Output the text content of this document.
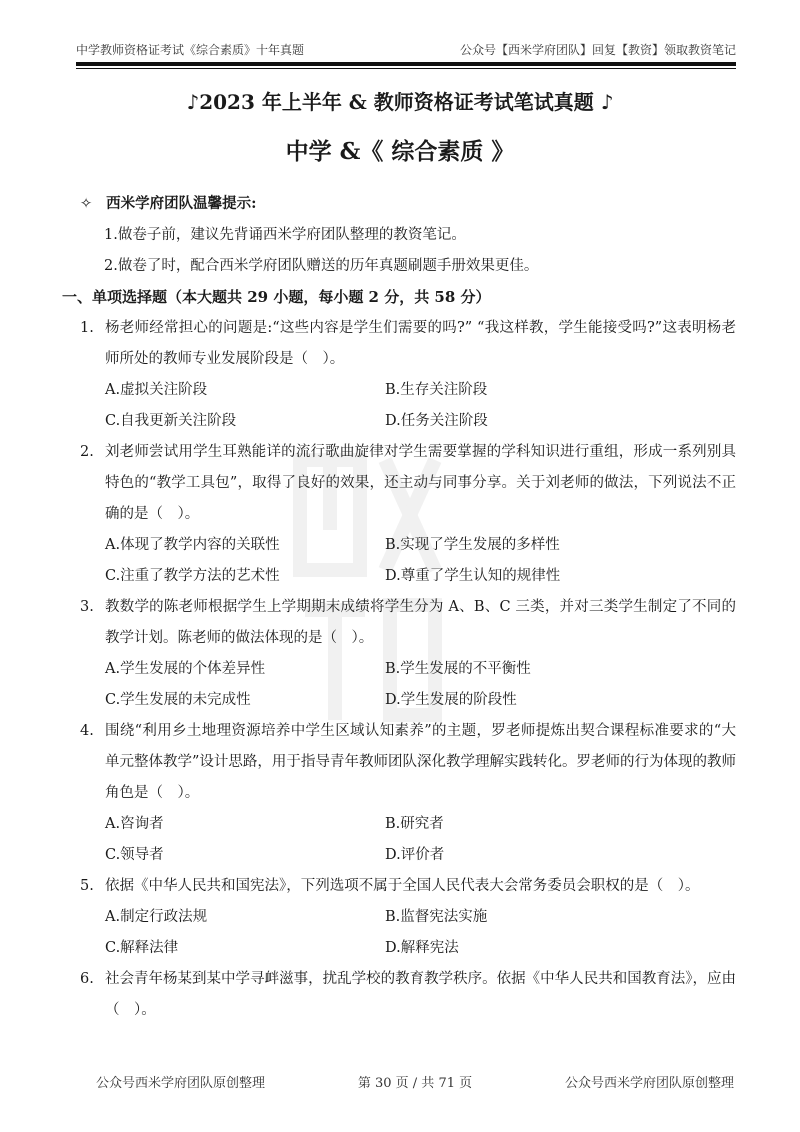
中学教师资格证考试《综合素质》十年真题	公众号【西米学府团队】回复【教资】领取教资笔记
♪2023 年上半年 & 教师资格证考试笔试真题 ♪
中学 &《 综合素质 》
✧ 西米学府团队温馨提示:
1.做卷子前，建议先背诵西米学府团队整理的教资笔记。
2.做卷了时，配合西米学府团队赠送的历年真题刷题手册效果更佳。
一、单项选择题（本大题共 29 小题，每小题 2 分，共 58 分）
1. 杨老师经常担心的问题是:“这些内容是学生们需要的吗?” “我这样教，学生能接受吗?”这表明杨老师所处的教师专业发展阶段是（　）。
A.虚拟关注阶段	B.生存关注阶段
C.自我更新关注阶段	D.任务关注阶段
2. 刘老师尝试用学生耳熟能详的流行歌曲旋律对学生需要掌握的学科知识进行重组，形成一系列别具特色的“教学工具包”，取得了良好的效果，还主动与同事分享。关于刘老师的做法，下列说法不正确的是（　）。
A.体现了教学内容的关联性	B.实现了学生发展的多样性
C.注重了教学方法的艺术性	D.尊重了学生认知的规律性
3. 教数学的陈老师根据学生上学期期末成绩将学生分为 A、B、C 三类，并对三类学生制定了不同的教学计划。陈老师的做法体现的是（　）。
A.学生发展的个体差异性	B.学生发展的不平衡性
C.学生发展的未完成性	D.学生发展的阶段性
4. 围绕“利用乡土地理资源培养中学生区域认知素养”的主题，罗老师提炼出契合课程标准要求的“大单元整体教学”设计思路，用于指导青年教师团队深化教学理解实践转化。罗老师的行为体现的教师角色是（　）。
A.咨询者	B.研究者
C.领导者	D.评价者
5. 依据《中华人民共和国宪法》，下列选项不属于全国人民代表大会常务委员会职权的是（　）。
A.制定行政法规	B.监督宪法实施
C.解释法律	D.解释宪法
6. 社会青年杨某到某中学寻衅滋事，扰乱学校的教育教学秩序。依据《中华人民共和国教育法》，应由（　）。
公众号西米学府团队原创整理	第 30 页 / 共 71 页	公众号西米学府团队原创整理
